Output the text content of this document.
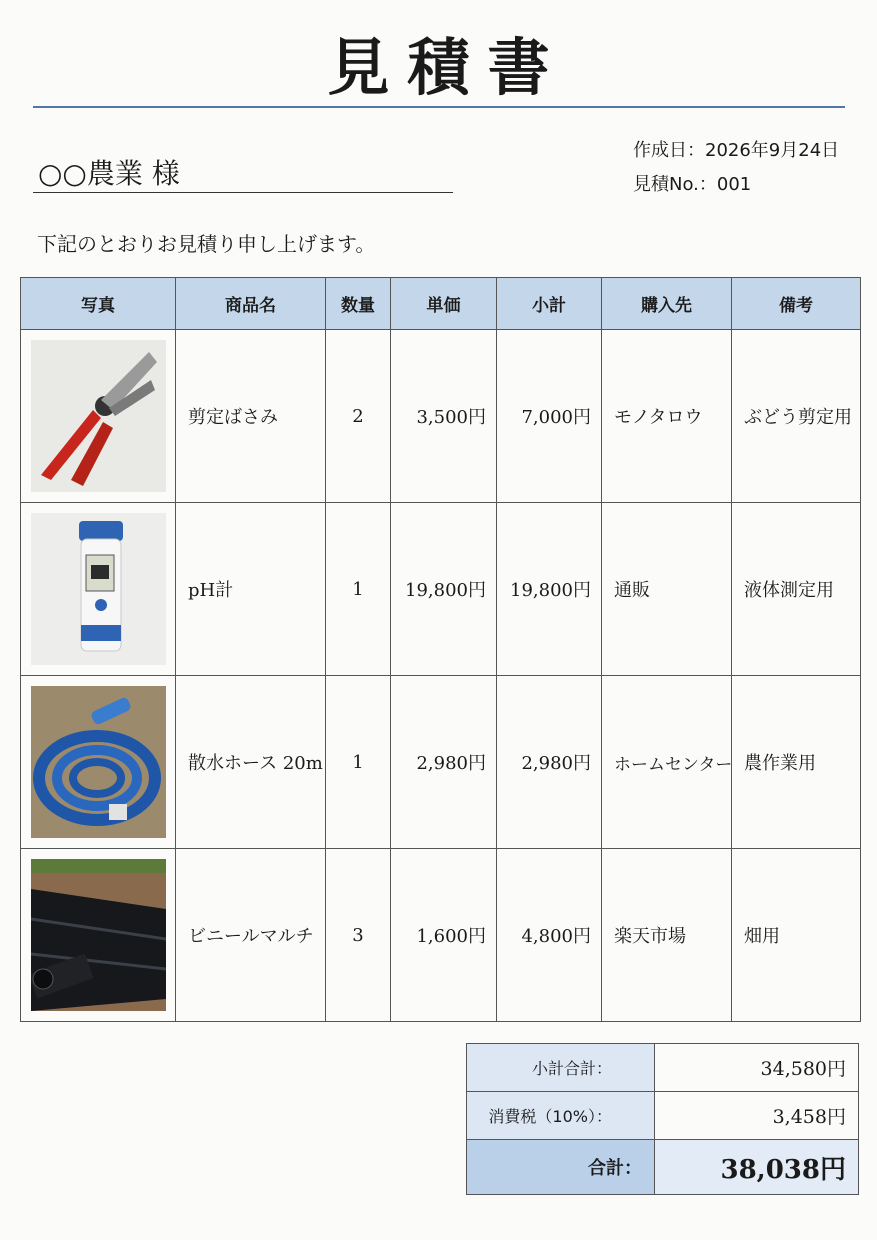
見積書
○○農業 様
作成日：2026年9月24日
見積No.：001
下記のとおりお見積り申し上げます。
写真	商品名	数量	単価	小計	購入先	備考

	剪定ばさみ	2	3,500円	7,000円	モノタロウ	ぶどう剪定用

	pH計	1	19,800円	19,800円	通販	液体測定用

	散水ホース 20m	1	2,980円	2,980円	ホームセンター	農作業用

	ビニールマルチ	3	1,600円	4,800円	楽天市場	畑用
小計合計：	34,580円
消費税（10%）：	3,458円
合計：	38,038円
